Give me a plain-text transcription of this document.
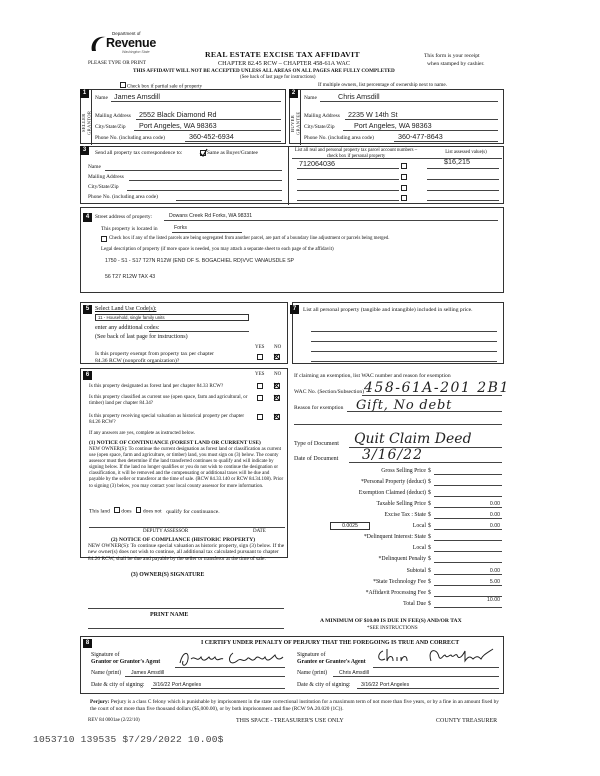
Department of
Revenue
Washington State
PLEASE TYPE OR PRINT
REAL ESTATE EXCISE TAX AFFIDAVIT
CHAPTER 82.45 RCW – CHAPTER 458-61A WAC
THIS AFFIDAVIT WILL NOT BE ACCEPTED UNLESS ALL AREAS ON ALL PAGES ARE FULLY COMPLETED
(See back of last page for instructions)
This form is your receipt
when stamped by cashier.
Check box if partial sale of property	If multiple owners, list percentage of ownership next to name.
1
SELLER GRANTOR
Name James Amsdill
Mailing Address 2552 Black Diamond Rd
City/State/Zip Port Angeles, WA 98363
Phone No. (including area code)	360-452-6934
2
BUYER GRANTEE
Name	Chris Amsdill
Mailing Address 2235 W 14th St
City/State/Zip	Port Angeles, WA 98363
Phone No. (including area code)	360-477-8643
3	Send all property tax correspondence to:	Same as Buyer/Grantee
Name
Mailing Address
City/State/Zip
Phone No. (including area code)
List all real and personal property tax parcel account numbers – check box if personal property
List assessed value(s)
712064036	$16,215
4	Street address of property:	Dowans Creek Rd Forks, WA 98331
This property is located in	Forks
Check box if any of the listed parcels are being segregated from another parcel, are part of a boundary line adjustment or parcels being merged.
Legal description of property (if more space is needed, you may attach a separate sheet to each page of the affidavit)
1750 - S1 - S17 T27N R12W (END OF S. BOGACHIEL RD)VVC VANAUSDLE SP
56 T27 R12W TAX 43
5 Select Land Use Code(s):
11 - Household, single family units
enter any additional codes:
(See back of last page for instructions)
YES NO
Is this property exempt from property tax per chapter
84.36 RCW (nonprofit organization)?
6	YES NO
Is this property designated as forest land per chapter 84.33 RCW?
Is this property classified as current use (open space, farm and agricultural, or timber) land per chapter 84.34?
Is this property receiving special valuation as historical property per chapter 84.26 RCW?
If any answers are yes, complete as instructed below.
(1) NOTICE OF CONTINUANCE (FOREST LAND OR CURRENT USE)
NEW OWNER(S): To continue the current designation as forest land or classification as current use (open space, farm and agriculture, or timber) land, you must sign on (3) below. The county assessor must then determine if the land transferred continues to qualify and will indicate by signing below. If the land no longer qualifies or you do not wish to continue the designation or classification, it will be removed and the compensating or additional taxes will be due and payable by the seller or transferor at the time of sale. (RCW 84.33.140 or RCW 84.34.108). Prior to signing (3) below, you may contact your local county assessor for more information.
This land does does not qualify for continuance.
DEPUTY ASSESSOR	DATE
(2) NOTICE OF COMPLIANCE (HISTORIC PROPERTY)
NEW OWNER(S): To continue special valuation as historic property, sign (3) below. If the new owner(s) does not wish to continue, all additional tax calculated pursuant to chapter 84.26 RCW, shall be due and payable by the seller or transferor at the time of sale.
(3) OWNER(S) SIGNATURE
PRINT NAME
7	List all personal property (tangible and intangible) included in selling price.
If claiming an exemption, list WAC number and reason for exemption
WAC No. (Section/Subsection) 458-61A-201 2B1
Reason for exemption Gift, No debt
Type of Document Quit Claim Deed
Date of Document 3/16/22
Gross Selling Price $
*Personal Property (deduct) $
Exemption Claimed (deduct) $
Taxable Selling Price $	0.00
Excise Tax : State $	0.00
0.0025	Local $	0.00
*Delinquent Interest: State $
Local $
*Delinquent Penalty $
Subtotal $	0.00
*State Technology Fee $	5.00
*Affidavit Processing Fee $
Total Due $
10.00
A MINIMUM OF $10.00 IS DUE IN FEE(S) AND/OR TAX
*SEE INSTRUCTIONS
8	I CERTIFY UNDER PENALTY OF PERJURY THAT THE FOREGOING IS TRUE AND CORRECT
Signature of
Grantor or Grantor's Agent
Name (print) James Amsdill
Date & city of signing: 3/16/22 Port Angeles
Signature of
Grantee or Grantee's Agent
Name (print) Chris Amsdill
Date & city of signing: 3/16/22 Port Angeles
Perjury: Perjury is a class C felony which is punishable by imprisonment in the state correctional institution for a maximum term of not more than five years, or by a fine in an amount fixed by the court of not more than five thousand dollars ($5,000.00), or by both imprisonment and fine (RCW 9A.20.020 (1C)).
REV 84 0001ae (2/22/10)	THIS SPACE - TREASURER'S USE ONLY	COUNTY TREASURER
1053710 139535 $7/29/2022 10.00$
